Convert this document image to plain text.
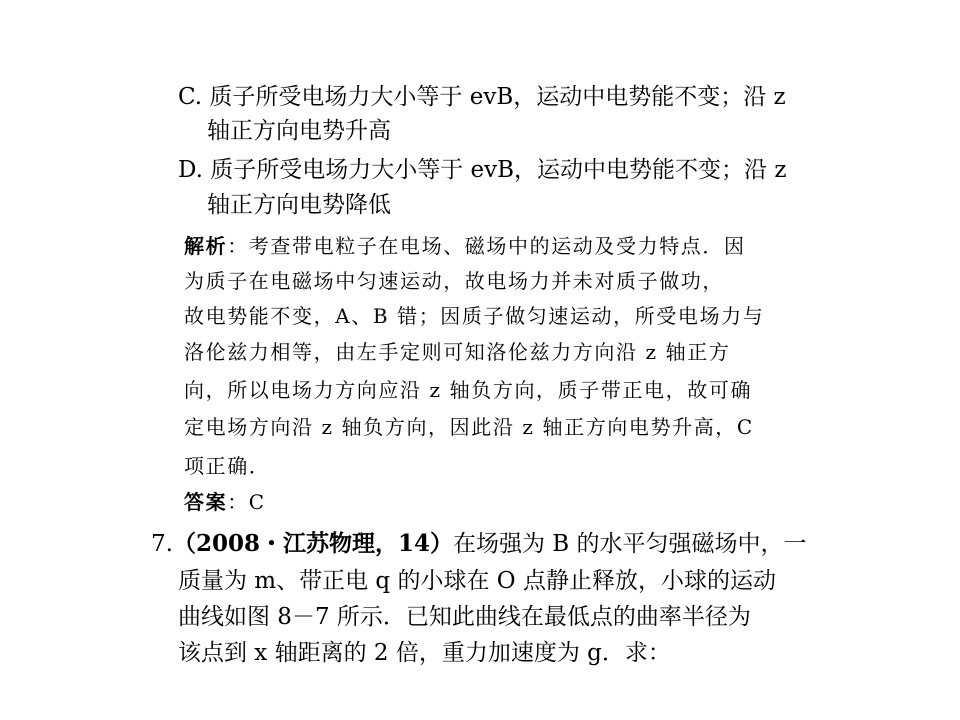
C. 质子所受电场力大小等于 evB，运动中电势能不变；沿 z
轴正方向电势升高
D. 质子所受电场力大小等于 evB，运动中电势能不变；沿 z
轴正方向电势降低
解析：考查带电粒子在电场、磁场中的运动及受力特点．因
为质子在电磁场中匀速运动，故电场力并未对质子做功，
故电势能不变，A、B 错；因质子做匀速运动，所受电场力与
洛伦兹力相等，由左手定则可知洛伦兹力方向沿 z 轴正方
向，所以电场力方向应沿 z 轴负方向，质子带正电，故可确
定电场方向沿 z 轴负方向，因此沿 z 轴正方向电势升高，C
项正确．
答案：C
7.（2008・江苏物理，14）在场强为 B 的水平匀强磁场中，一
质量为 m、带正电 q 的小球在 O 点静止释放，小球的运动
曲线如图 8－7 所示．已知此曲线在最低点的曲率半径为
该点到 x 轴距离的 2 倍，重力加速度为 g．求：
